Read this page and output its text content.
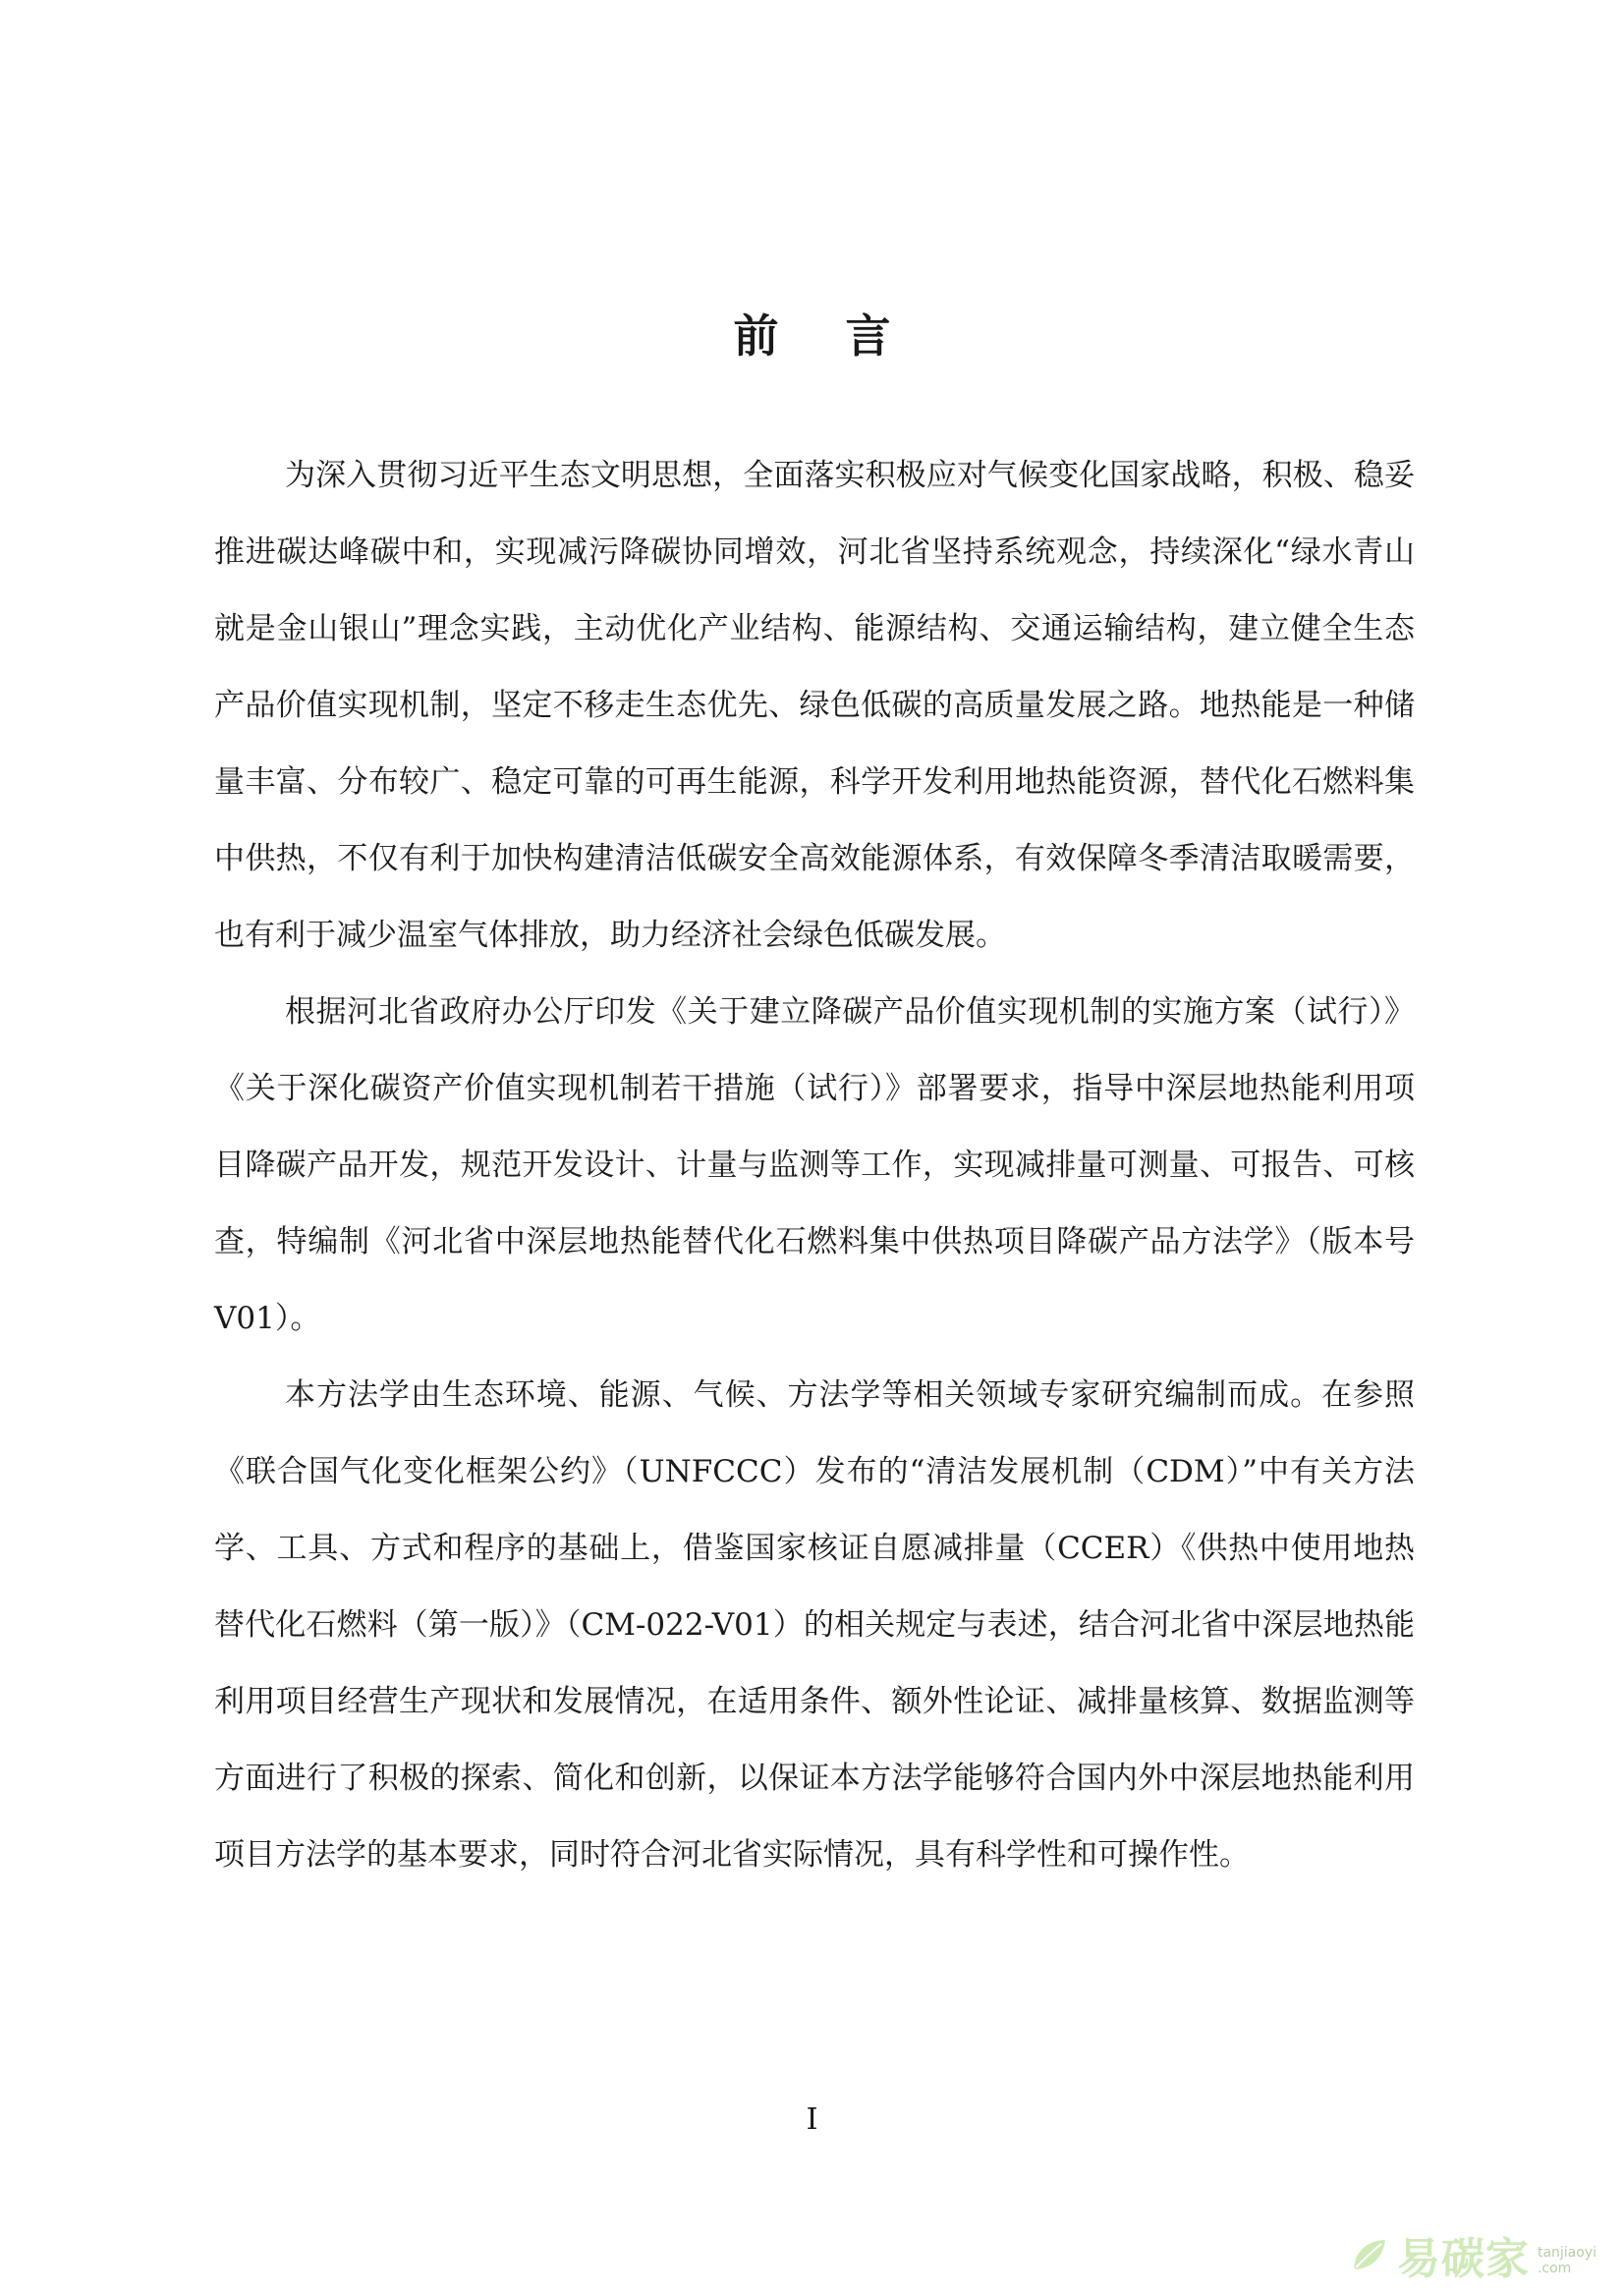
前 言

为深入贯彻习近平生态文明思想，全面落实积极应对气候变化国家战略，积极、稳妥推进碳达峰碳中和，实现减污降碳协同增效，河北省坚持系统观念，持续深化“绿水青山就是金山银山”理念实践，主动优化产业结构、能源结构、交通运输结构，建立健全生态产品价值实现机制，坚定不移走生态优先、绿色低碳的高质量发展之路。地热能是一种储量丰富、分布较广、稳定可靠的可再生能源，科学开发利用地热能资源，替代化石燃料集中供热，不仅有利于加快构建清洁低碳安全高效能源体系，有效保障冬季清洁取暖需要，也有利于减少温室气体排放，助力经济社会绿色低碳发展。

根据河北省政府办公厅印发《关于建立降碳产品价值实现机制的实施方案（试行）》《关于深化碳资产价值实现机制若干措施（试行）》部署要求，指导中深层地热能利用项目降碳产品开发，规范开发设计、计量与监测等工作，实现减排量可测量、可报告、可核查，特编制《河北省中深层地热能替代化石燃料集中供热项目降碳产品方法学》（版本号 V01）。

本方法学由生态环境、能源、气候、方法学等相关领域专家研究编制而成。在参照《联合国气化变化框架公约》（UNFCCC）发布的“清洁发展机制（CDM）”中有关方法学、工具、方式和程序的基础上，借鉴国家核证自愿减排量（CCER）《供热中使用地热替代化石燃料（第一版）》（CM-022-V01）的相关规定与表述，结合河北省中深层地热能利用项目经营生产现状和发展情况，在适用条件、额外性论证、减排量核算、数据监测等方面进行了积极的探索、简化和创新，以保证本方法学能够符合国内外中深层地热能利用项目方法学的基本要求，同时符合河北省实际情况，具有科学性和可操作性。

I
易碳家 tanjiaoyi
.com
